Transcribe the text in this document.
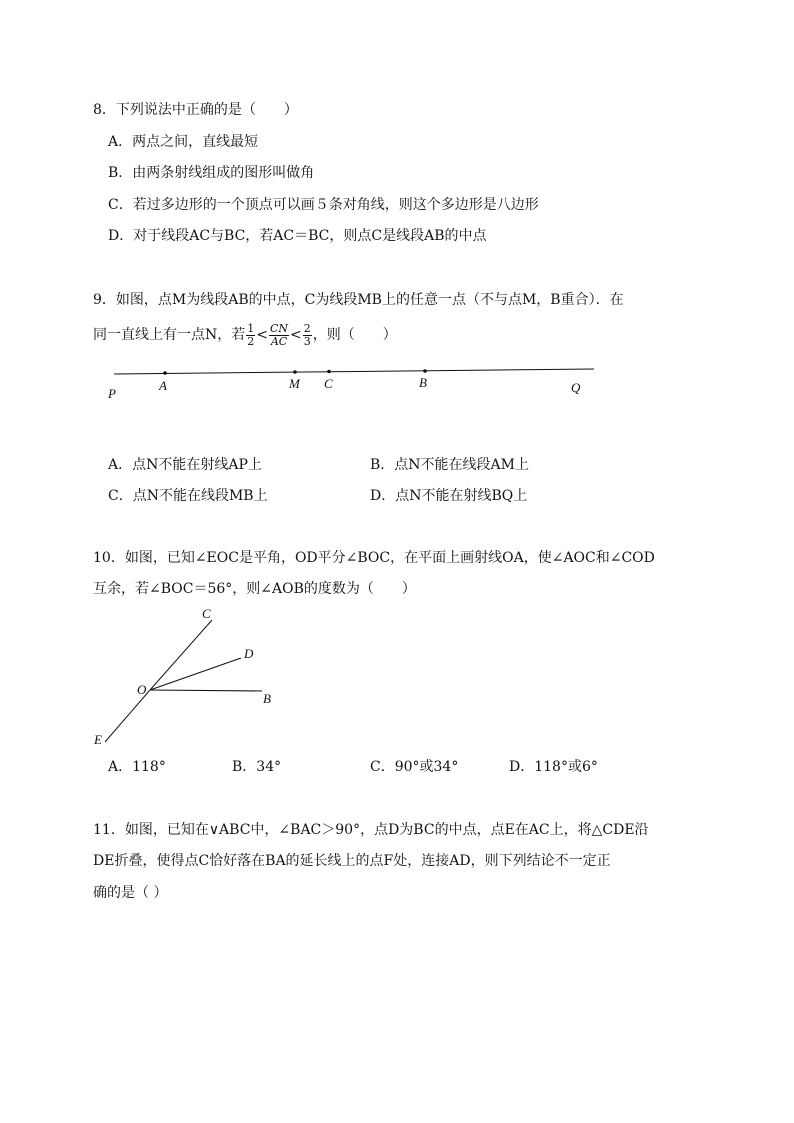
8．下列说法中正确的是（　　）
A．两点之间，直线最短
B．由两条射线组成的图形叫做角
C．若过多边形的一个顶点可以画５条对角线，则这个多边形是八边形
D．对于线段AC与BC，若AC＝BC，则点C是线段AB的中点
9．如图，点M为线段AB的中点，C为线段MB上的任意一点（不与点M，B重合）．在
同一直线上有一点N，若 $\frac{1}{2} < \frac{CN}{AC} < \frac{2}{3}$ ，则（　　）
P
A	M C	B	Q
A．点N不能在射线AP上	B．点N不能在线段AM上
C．点N不能在线段MB上	D．点N不能在射线BQ上
10．如图，已知∠EOC是平角，OD平分∠BOC，在平面上画射线OA，使∠AOC和∠COD
互余，若∠BOC＝56°，则∠AOB的度数为（　　）
C
D
O
B
E
A．118°	B．34°	C．90°或34°	D．118°或6°
11．如图，已知在∨ABC中，∠BAC＞90°，点D为BC的中点，点E在AC上，将△CDE沿
DE折叠，使得点C恰好落在BA的延长线上的点F处，连接AD，则下列结论不一定正
确的是（ ）
